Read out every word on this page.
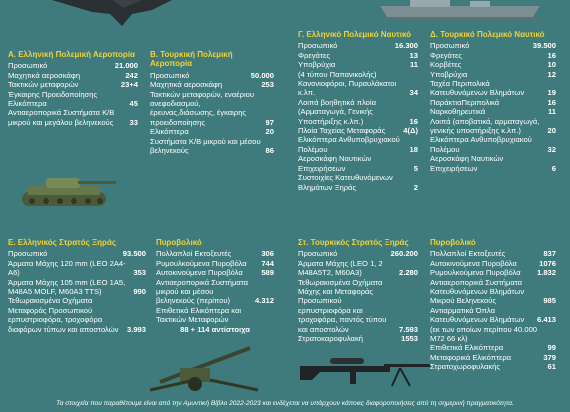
Α. Ελληνική Πολεμική Αεροπορία
Προσωπικό	21.000
Μαχητικά αεροσκάφη	242
Τακτικών μεταφορών	23+4
Έγκαιρης Προειδοποίησης Ελικόπτερα	45
Αντιαεροπορικά Συστήματα Κ/Β μικρού και μεγάλου βεληνεκούς	33
Β. Τουρκική Πολεμική Αεροπορία
Προσωπικό	50.000
Μαχητικά αεροσκάφη	253
Τακτικών μεταφορών, εναέριου ανεφοδιασμού, έρευνας,διάσωσης, έγκαιρης προειδοποίησης	97
Ελικόπτερα	20
Συστήματα Κ/Β μικρού και μέσου βεληνεκούς	86
Γ. Ελληνικό Πολεμικό Ναυτικό
Προσωπικό	16.300
Φρεγάτες	13
Υποβρύχια	11
(4 τύπου Παπανικολής)
Κανονιοφόροι, Πυραυλάκατοι κ.λπ.	34
Λοιπά βοηθητικά πλοία (Αρματαγωγά, Γενικής Υποστήριξης κ.λπ.)	16
Πλοία Ταχείας Μεταφοράς	4(Δ)
Ελικόπτερα Ανθυποβρυχιακού Πολέμου	18
Αεροσκάφη Ναυτικών Επιχειρήσεων	5
Συστοιχίες Κατευθυνόμενων Βλημάτων Ξηράς	2
Δ. Τουρκικό Πολεμικό Ναυτικό
Προσωπικό	39.500
Φρεγάτες	16
Κορβέτες	10
Υποβρύχια	12
Ταχέα Περιπολικά Κατευθυνόμενων Βλημάτων	19
ΠαράκτιαΠεριπολικά	16
Ναρκοθηρευτικά	11
Λοιπά (αποβατικά, αρματαγωγά, γενικής υποστήριξης κ.λπ.)	20
Ελικόπτερα Ανθυποβρυχιακού Πολέμου	32
Αεροσκάφη Ναυτικών Επιχειρήσεων	6
Ε. Ελληνικός Στρατός Ξηράς
Προσωπικό	93.500
Άρματα Μάχης 120 mm (LEO 2A4-A6)	353
Άρματα Μάχης 105 mm (LEO 1A5, M48A5 MOLF, M60A3 TTS)	990
Τεθωρακισμένα Οχήματα Μεταφοράς Προσωπικού ερπυστριοφόρα, τροχοφόρα διαφόρων τύπων και αποστολών	3.993
Πυροβολικό
Πολλαπλοί Εκτοξευτές	306
Ρυμουλκούμενα Πυροβόλα	744
Αυτοκινούμενα Πυροβόλα	589
Αντιαεροπορικά Συστήματα μικρού και μέσου βεληνεκούς (περίπου)	4.312
Επιθετικά Ελικόπτερα και Τακτικών Μεταφορών
88 + 114 αντίστοιχα
Στ. Τουρκικός Στρατός Ξηράς
Προσωπικό	260.200
Άρματα Μάχης (LEO 1, 2 M48A5T2, M60A3)	2.280
Τεθωρακισμένα Οχήματα Μάχης και Μεταφοράς Προσωπικού ερπυστριοφόρα και τροχοφόρα, παντός τύπου και αποστολών	7.593
Στρατοκαροφυλακή	1553
Πυροβολικό
Πολλαπλοί Εκτοξευτές	837
Αυτοκινούμενα Πυροβόλα	1076
Ρυμουλκούμενα Πυροβόλα	1.832
Αντιαεροπορικά Συστήματα Κατευθυνόμενων Βλημάτων Μικρού Βεληνεκούς	985
Αντιαρματικά Όπλα Κατευθυνόμενων Βλημάτων	6.413
(εκ των οποίων περίπου 40.000 M72 66 κλ)
Επιθετικά Ελικόπτερα	99
Μεταφορικά Ελικόπτερα	379
Στρατοχωροφυλακής	61
Τα στοιχεία που παραθέτουμε είναι από την Αμυντική Βίβλο 2022-2023 και ενδέχεται να υπάρχουν κάποιες διαφοροποιήσεις από τη σημερινή πραγματικότητα.
